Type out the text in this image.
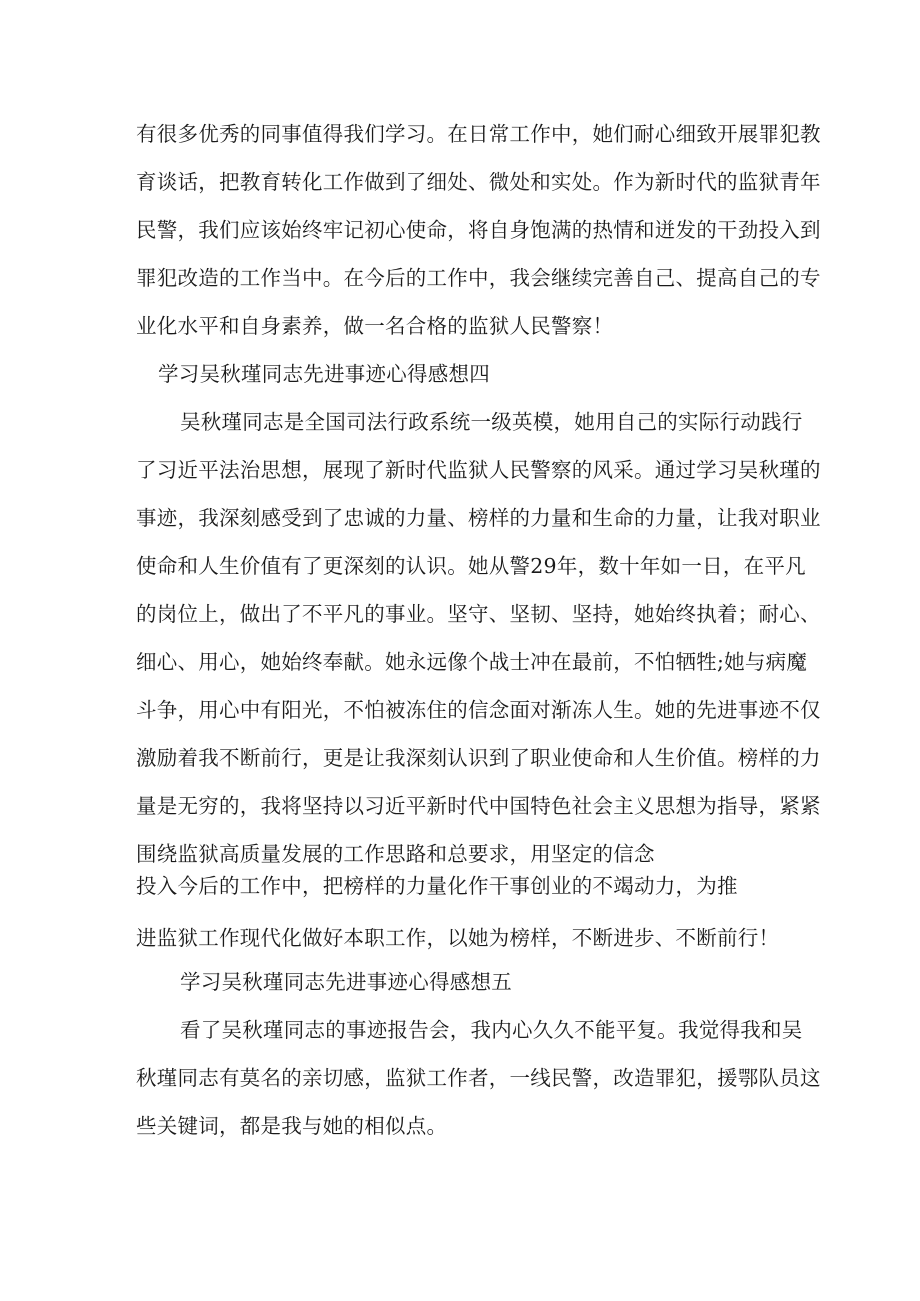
有很多优秀的同事值得我们学习。在日常工作中，她们耐心细致开展罪犯教
育谈话，把教育转化工作做到了细处、微处和实处。作为新时代的监狱青年
民警，我们应该始终牢记初心使命，将自身饱满的热情和迸发的干劲投入到
罪犯改造的工作当中。在今后的工作中，我会继续完善自己、提高自己的专
业化水平和自身素养，做一名合格的监狱人民警察！
学习吴秋瑾同志先进事迹心得感想四
吴秋瑾同志是全国司法行政系统一级英模，她用自己的实际行动践行
了习近平法治思想，展现了新时代监狱人民警察的风采。通过学习吴秋瑾的
事迹，我深刻感受到了忠诚的力量、榜样的力量和生命的力量，让我对职业
使命和人生价值有了更深刻的认识。她从警29年，数十年如一日，在平凡
的岗位上，做出了不平凡的事业。坚守、坚韧、坚持，她始终执着；耐心、
细心、用心，她始终奉献。她永远像个战士冲在最前，不怕牺牲;她与病魔
斗争，用心中有阳光，不怕被冻住的信念面对渐冻人生。她的先进事迹不仅
激励着我不断前行，更是让我深刻认识到了职业使命和人生价值。榜样的力
量是无穷的，我将坚持以习近平新时代中国特色社会主义思想为指导，紧紧
围绕监狱高质量发展的工作思路和总要求，用坚定的信念
投入今后的工作中，把榜样的力量化作干事创业的不竭动力，为推
进监狱工作现代化做好本职工作，以她为榜样，不断进步、不断前行！
学习吴秋瑾同志先进事迹心得感想五
看了吴秋瑾同志的事迹报告会，我内心久久不能平复。我觉得我和吴
秋瑾同志有莫名的亲切感，监狱工作者，一线民警，改造罪犯，援鄂队员这
些关键词，都是我与她的相似点。
